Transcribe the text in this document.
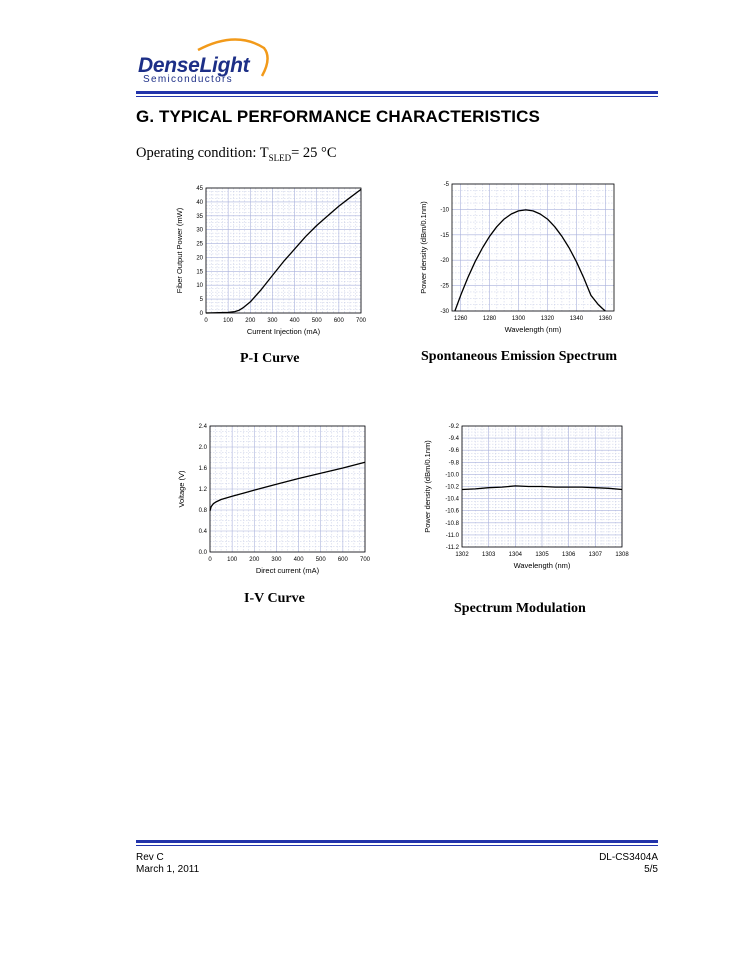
DenseLight
Semiconductors
G. TYPICAL PERFORMANCE CHARACTERISTICS
Operating condition: $T_{SLED}= 25$ °C
0	100 200 300 400 500 600 700
0
5
10
15
20
25
30
35
40
45
Current Injection (mA)
Fiber Output Power (mW)
1260	1280	1300	1320	1340	1360
-30
-25
-20
-15
-10
-5
Wavelength (nm)
Power density (dBm/0.1nm)
0	100 200 300 400 500 600 700
0.0
0.4
0.8
1.2
1.6
2.0
2.4
Direct current (mA)
Voltage (V)
1302 1303 1304 1305 1306 1307 1308
-11.2
-11.0
-10.8
-10.6
-10.4
-10.2
-10.0
-9.8
-9.6
-9.4
-9.2
Wavelength (nm)
Power density (dBm/0.1nm)
P-I Curve	Spontaneous Emission Spectrum
I-V Curve
Spectrum Modulation
Rev C
March 1, 2011
DL-CS3404A
5/5
